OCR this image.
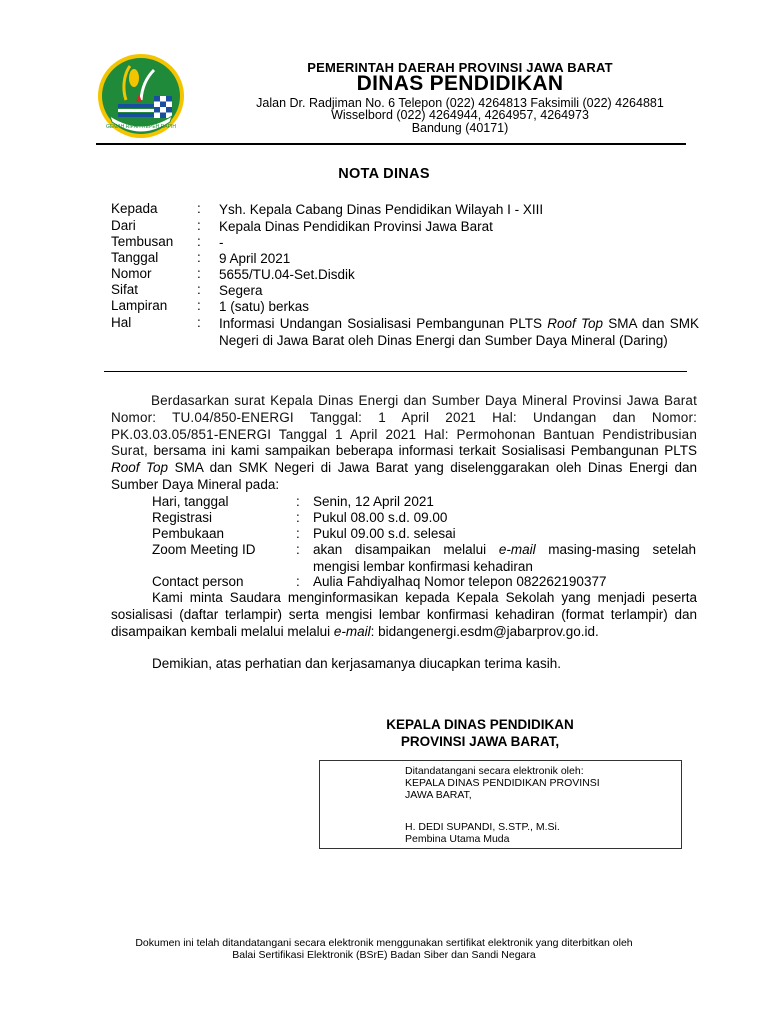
GEMAH RIPAH REPEH RAPIH
PEMERINTAH DAERAH PROVINSI JAWA BARAT
DINAS PENDIDIKAN
Jalan Dr. Radjiman No. 6 Telepon (022) 4264813 Faksimili (022) 4264881
Wisselbord (022) 4264944, 4264957, 4264973
Bandung (40171)
NOTA DINAS
Kepada	: Ysh. Kepala Cabang Dinas Pendidikan Wilayah I - XIII
Dari	: Kepala Dinas Pendidikan Provinsi Jawa Barat
Tembusan : -
Tanggal	: 9 April 2021
Nomor	: 5655/TU.04-Set.Disdik
Sifat	: Segera
Lampiran : 1 (satu) berkas
Hal	: Informasi Undangan Sosialisasi Pembangunan PLTS Roof Top SMA dan SMK Negeri di Jawa Barat oleh Dinas Energi dan Sumber Daya Mineral (Daring)
Berdasarkan surat Kepala Dinas Energi dan Sumber Daya Mineral Provinsi Jawa Barat Nomor: TU.04/850-ENERGI Tanggal: 1 April 2021 Hal: Undangan dan Nomor: PK.03.03.05/851-ENERGI Tanggal 1 April 2021 Hal: Permohonan Bantuan Pendistribusian Surat, bersama ini kami sampaikan beberapa informasi terkait Sosialisasi Pembangunan PLTS Roof Top SMA dan SMK Negeri di Jawa Barat yang diselenggarakan oleh Dinas Energi dan Sumber Daya Mineral pada:
Hari, tanggal	: Senin, 12 April 2021
Registrasi	: Pukul 08.00 s.d. 09.00
Pembukaan	: Pukul 09.00 s.d. selesai
Zoom Meeting ID	: akan disampaikan melalui e-mail masing-masing setelah mengisi lembar konfirmasi kehadiran
Contact person	: Aulia Fahdiyalhaq Nomor telepon 082262190377
Kami minta Saudara menginformasikan kepada Kepala Sekolah yang menjadi peserta sosialisasi (daftar terlampir) serta mengisi lembar konfirmasi kehadiran (format terlampir) dan disampaikan kembali melalui melalui e-mail: bidangenergi.esdm@jabarprov.go.id.
Demikian, atas perhatian dan kerjasamanya diucapkan terima kasih.
KEPALA DINAS PENDIDIKAN
PROVINSI JAWA BARAT,
Ditandatangani secara elektronik oleh:
KEPALA DINAS PENDIDIKAN PROVINSI
JAWA BARAT,
H. DEDI SUPANDI, S.STP., M.Si.
Pembina Utama Muda
Dokumen ini telah ditandatangani secara elektronik menggunakan sertifikat elektronik yang diterbitkan oleh
Balai Sertifikasi Elektronik (BSrE) Badan Siber dan Sandi Negara
